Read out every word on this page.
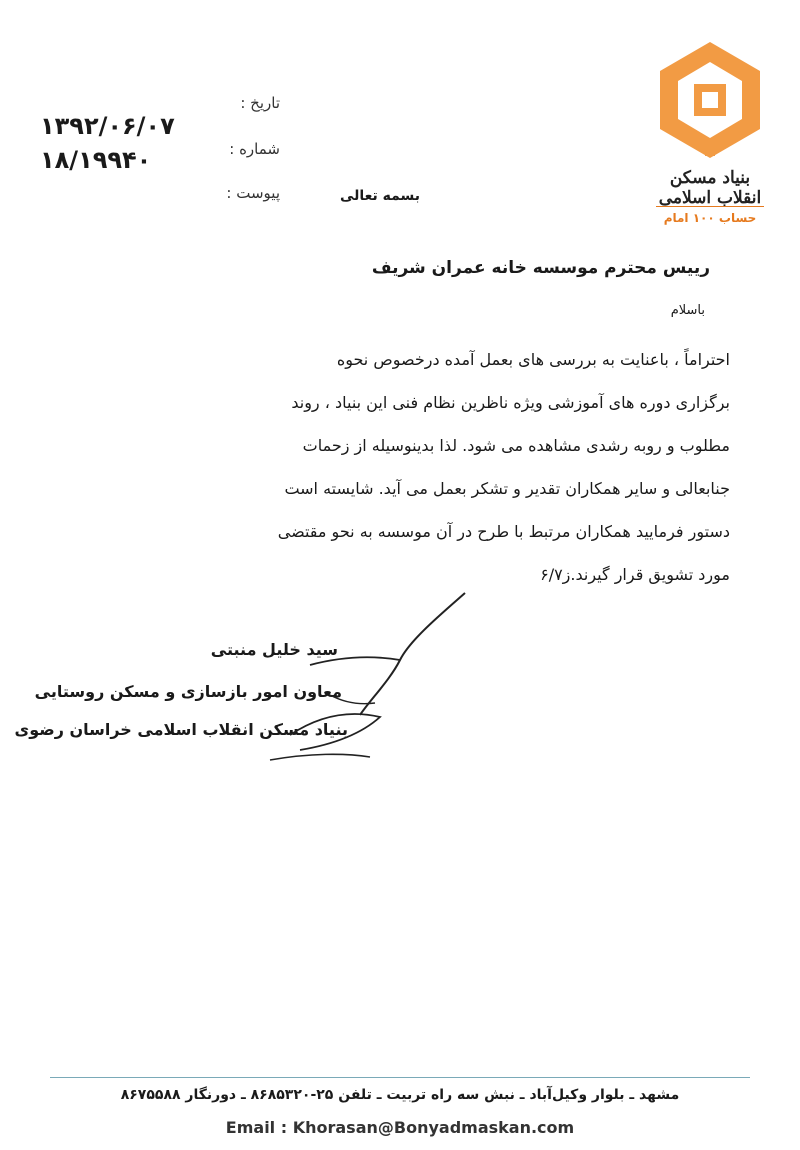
۱۳۹۲/۰۶/۰۷
۱۸/۱۹۹۴۰
تاریخ :
شماره :
پیوست :
بنیاد مسکن انقلاب اسلامی
حساب ۱۰۰ امام
بسمه تعالی
رییس محترم موسسه خانه عمران شریف
باسلام
احتراماً ، باعنایت به بررسی های بعمل آمده درخصوص نحوه
برگزاری دوره های آموزشی ویژه ناظرین نظام فنی این بنیاد ، روند
مطلوب و روبه رشدی مشاهده می شود. لذا بدینوسیله از زحمات
جنابعالی و سایر همکاران تقدیر و تشکر بعمل می آید. شایسته است
دستور فرمایید همکاران مرتبط با طرح در آن موسسه به نحو مقتضی
مورد تشویق قرار گیرند.ز۶/۷
سید خلیل منبتی
معاون امور بازسازی و مسکن روستایی
بنیاد مسکن انقلاب اسلامی خراسان رضوی
مشهد ـ بلوار وکیل‌آباد ـ نبش سه راه تربیت ـ تلفن ۲۵-۸۶۸۵۳۲۰ ـ دورنگار ۸۶۷۵۵۸۸
Email : Khorasan@Bonyadmaskan.com
